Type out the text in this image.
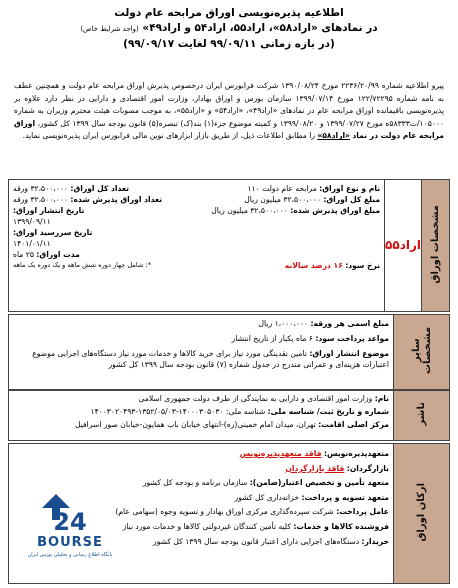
اطلاعیه پذیره‌نویسی اوراق مرابحه عام دولت
در نمادهای «اراد۵۸»، اراد۵۵، اراد۵۴ و اراد۴۹» (واجد شرایط خاص)
(در بازه زمانی ۹۹/۰۹/۱۱ لغایت ۹۹/۰۹/۱۷)
پیرو اطلاعیه شماره ۲۲۳۶/۲۰/۹۹ مورخ ۱۳۹۰/۰۸/۲۴ شرکت فرابورس ایران درخصوص پذیرش اوراق مرابحه عام دولت و همچنین عطف به نامه شماره ۱۲۲/۷۲۲۹۵ مورخ ۱۳۹۹/۰۷/۱۴ سازمان بورس و اوراق بهادار، وزارت امور اقتصادی و دارایی در نظر دارد علاوه بر پذیره‌نویسی باقیمانده اوراق مرابحه عام در نمادهای «اراد۴۹»، «اراد۵۴» و «اراد۵۵»، به موجب مصوبات هیئت محترم وزیران به شماره ۱۰۵۰۰۰/ت۵۸۳۳۳ه مورخ ۱۳۹۹/۰۷/۲۷ و ۱۳۹۹/۰۸/۲۰ و کمیته موضوع جزء(۱) بند(ک) تبصره(۵) قانون بودجه سال ۱۳۹۹ کل کشور، اوراق مرابحه عام دولت در نماد «اراد۵۸» را مطابق اطلاعات ذیل، از طریق بازار ابزارهای نوین مالی فرابورس ایران پذیره‌نویسی نماید.
مشخصات اوراق	اراد۵۵	
نام و نوع اوراق: مرابحه عام دولت ۱۱۰
تعداد کل اوراق: ۳۲،۵۰۰،۰۰۰ ورقه
مبلغ کل اوراق: ۳۲،۵۰۰،۰۰۰ میلیون ریال
تعداد اوراق پذیرش شده: ۳۲،۵۰۰،۰۰۰ ورقه
مبلغ اوراق پذیرش شده: ۳۲،۵۰۰،۰۰۰ میلیون ریال
تاریخ انتشار اوراق:
۱۳۹۹/۰۹/۱۱
تاریخ سررسید اوراق:
۱۴۰۱/۰۱/۱۱
مدت اوراق: ۲۵ ماه
نرخ سود: ۱۶ درصد سالانه
*: شامل چهار دوره شش ماهه و یک دوره یک ماهه
سایر مشخصات	
مبلغ اسمی هر ورقه: ۱،۰۰۰،۰۰۰ ریال
مواعد پرداخت سود: ۶ ماه یکبار از تاریخ انتشار
موضوع انتشار اوراق: تامین نقدینگی مورد نیاز برای خرید کالاها و خدمات مورد نیاز دستگاه‌های اجرایی موضوع اعتبارات هزینه‌ای و عمرانی مندرج در جدول شماره (۷) قانون بودجه سال ۱۳۹۹ کل کشور
ناشر	
نام: وزارت امور اقتصادی و دارایی به نمایندگی از طرف دولت جمهوری اسلامی
شماره و تاریخ ثبت/ شناسه ملی: شناسه ملی: ۱۴۰۰۰۳۰۵۰۳۰-۱۳۵۲/۰۵/۰۳-۱۴۰۰۳۰۲۰۴۹۳
مرکز اصلی اقامت: تهران، میدان امام خمینی(ره)-انتهای خیابان باب همایون-خیابان صور اسرافیل
ارکان اوراق	
متعهدپذیره‌نویس: فاقد متعهدپذیره‌نویس
بازارگردان: فاقد بازارگردان
متعهد تأمین و تخصیص اعتبار(ضامن): سازمان برنامه و بودجه کل کشور
متعهد تسویه و پرداخت: خزانه‌داری کل کشور
عامل پرداخت: شرکت سپرده‌گذاری مرکزی اوراق بهادار و تسویه وجوه (سهامی عام)
فروشنده کالاها و خدمات: کلیه تأمین کنندگان غیردولتی کالاها و خدمات مورد نیاز
خریدار: دستگاه‌های اجرایی دارای اعتبار قانون بودجه سال ۱۳۹۹ کل کشور
24
BOURSE
پایگاه اطلاع رسانی و تحلیلی بورس ایران
